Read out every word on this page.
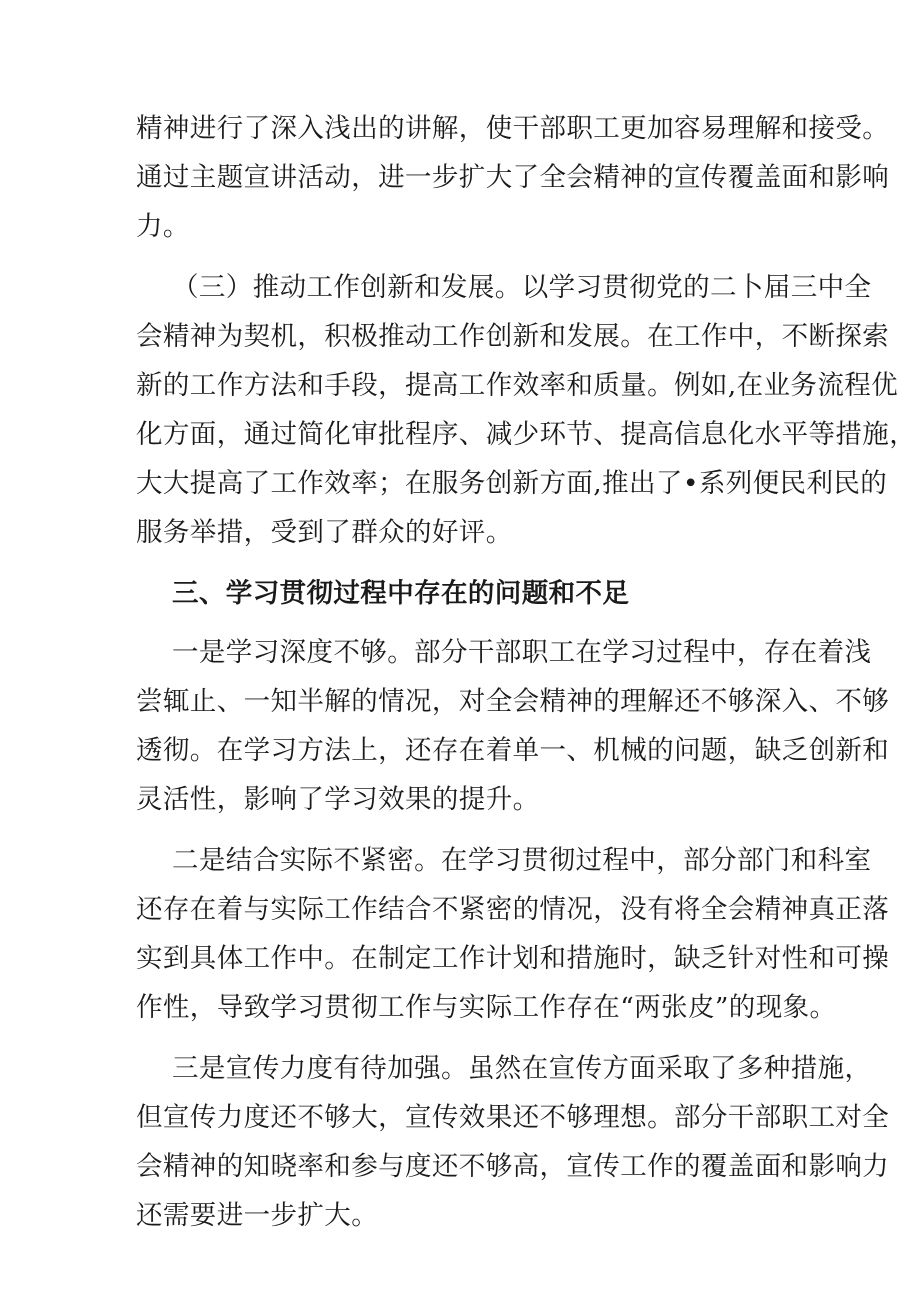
精神进行了深入浅出的讲解，使干部职工更加容易理解和接受。
通过主题宣讲活动，进一步扩大了全会精神的宣传覆盖面和影响
力。
（三）推动工作创新和发展。以学习贯彻党的二卜届三中全
会精神为契机，积极推动工作创新和发展。在工作中，不断探索
新的工作方法和手段，提高工作效率和质量。例如,在业务流程优
化方面，通过简化审批程序、减少环节、提高信息化水平等措施，
大大提高了工作效率；在服务创新方面,推出了•系列便民利民的
服务举措，受到了群众的好评。
三、学习贯彻过程中存在的问题和不足
一是学习深度不够。部分干部职工在学习过程中，存在着浅
尝辄止、一知半解的情况，对全会精神的理解还不够深入、不够
透彻。在学习方法上，还存在着单一、机械的问题，缺乏创新和
灵活性，影响了学习效果的提升。
二是结合实际不紧密。在学习贯彻过程中，部分部门和科室
还存在着与实际工作结合不紧密的情况，没有将全会精神真正落
实到具体工作中。在制定工作计划和措施时，缺乏针对性和可操
作性，导致学习贯彻工作与实际工作存在“两张皮”的现象。
三是宣传力度有待加强。虽然在宣传方面采取了多种措施，
但宣传力度还不够大，宣传效果还不够理想。部分干部职工对全
会精神的知晓率和参与度还不够高，宣传工作的覆盖面和影响力
还需要进一步扩大。
